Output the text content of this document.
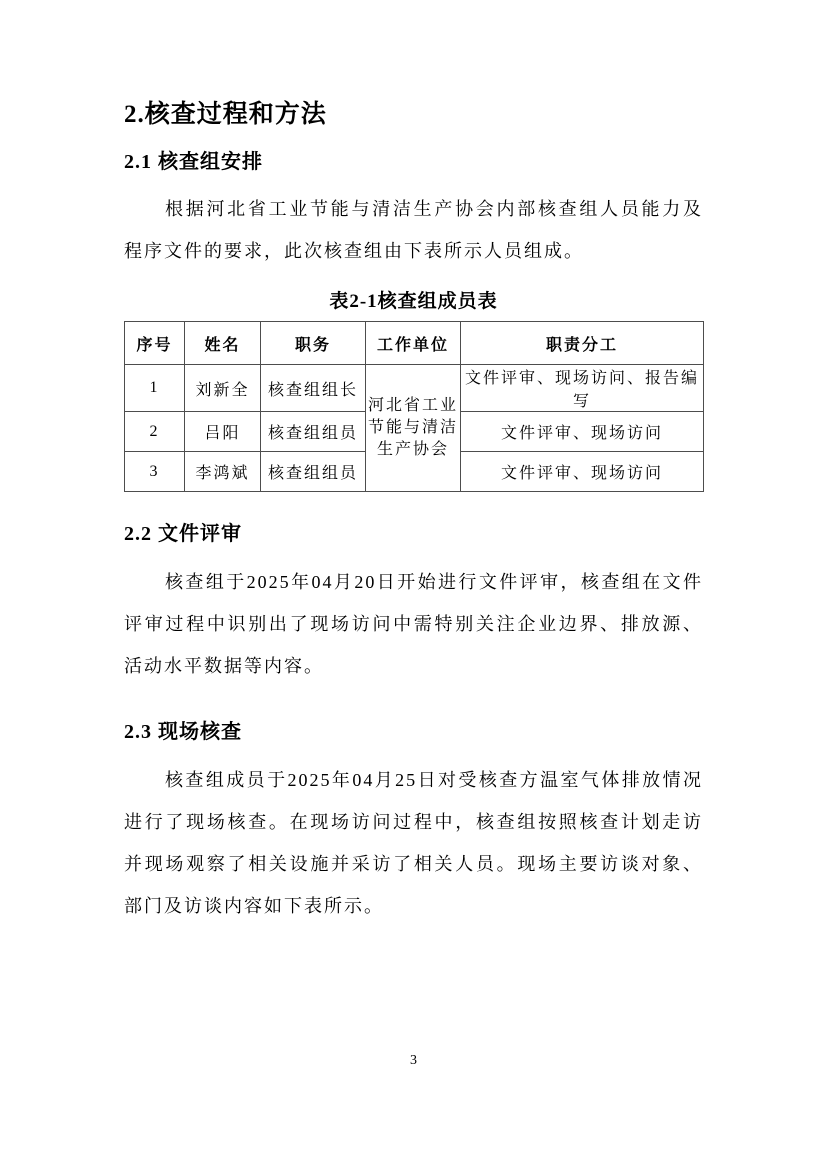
2.核查过程和方法
2.1 核查组安排

根据河北省工业节能与清洁生产协会内部核查组人员能力及程序文件的要求，此次核查组由下表所示人员组成。

表2-1核查组成员表
序号	姓名	职务	工作单位	职责分工
1	刘新全	核查组组长	河北省工业节能与清洁生产协会	文件评审、现场访问、报告编写
2	吕阳	核查组组员		文件评审、现场访问
3	李鸿斌	核查组组员		文件评审、现场访问
2.2 文件评审

核查组于2025年04月20日开始进行文件评审，核查组在文件评审过程中识别出了现场访问中需特别关注企业边界、排放源、活动水平数据等内容。

2.3 现场核查

核查组成员于2025年04月25日对受核查方温室气体排放情况进行了现场核查。在现场访问过程中，核查组按照核查计划走访并现场观察了相关设施并采访了相关人员。现场主要访谈对象、部门及访谈内容如下表所示。

3
